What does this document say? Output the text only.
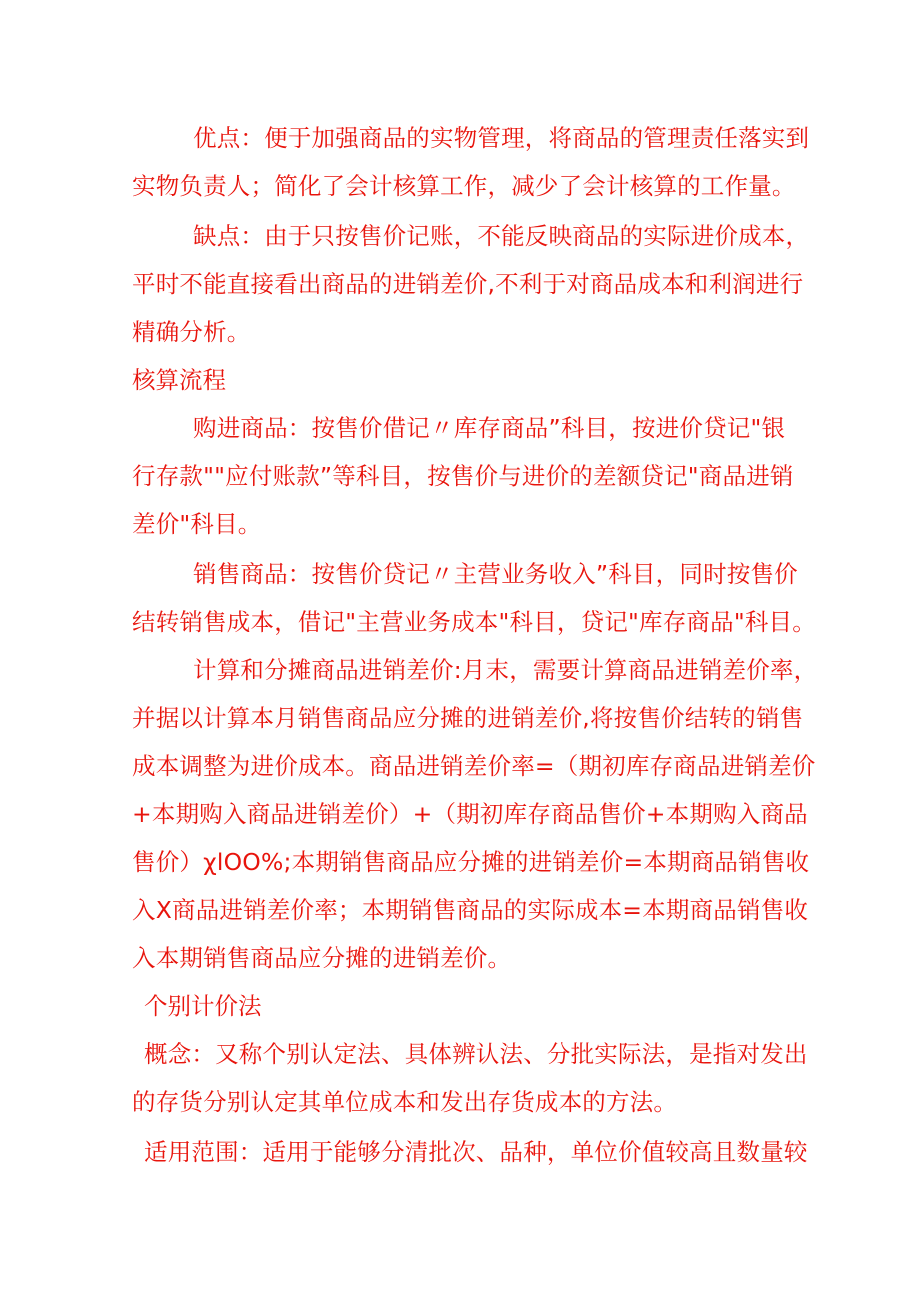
优点：便于加强商品的实物管理，将商品的管理责任落实到
实物负责人；简化了会计核算工作，减少了会计核算的工作量。
缺点：由于只按售价记账，不能反映商品的实际进价成本，
平时不能直接看出商品的进销差价,不利于对商品成本和利润进行
精确分析。
核算流程
购进商品：按售价借记〃库存商品”科目，按进价贷记"银
行存款""应付账款”等科目，按售价与进价的差额贷记"商品进销
差价"科目。
销售商品：按售价贷记〃主营业务收入”科目，同时按售价
结转销售成本，借记"主营业务成本"科目，贷记"库存商品"科目。
计算和分摊商品进销差价:月末，需要计算商品进销差价率，
并据以计算本月销售商品应分摊的进销差价,将按售价结转的销售
成本调整为进价成本。商品进销差价率=（期初库存商品进销差价
+本期购入商品进销差价）+（期初库存商品售价+本期购入商品
售价）χlOO%;本期销售商品应分摊的进销差价=本期商品销售收
入X商品进销差价率；本期销售商品的实际成本=本期商品销售收
入本期销售商品应分摊的进销差价。
个别计价法
概念：又称个别认定法、具体辨认法、分批实际法，是指对发出
的存货分别认定其单位成本和发出存货成本的方法。
适用范围：适用于能够分清批次、品种，单位价值较高且数量较
